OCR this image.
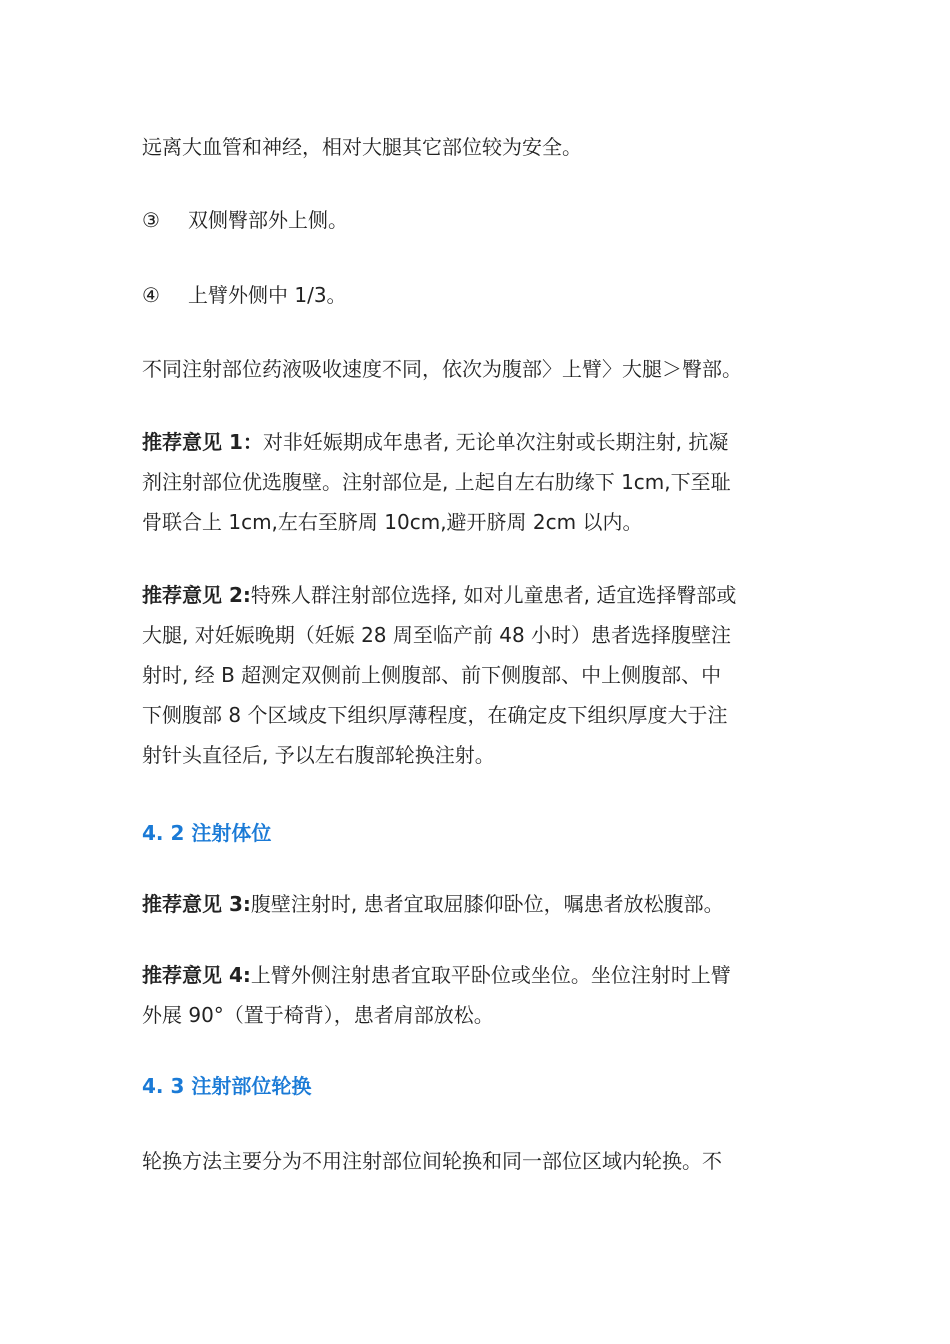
远离大血管和神经，相对大腿其它部位较为安全。

③ 双侧臀部外上侧。
④ 上臂外侧中 1/3。

不同注射部位药液吸收速度不同，依次为腹部〉上臂〉大腿＞臀部。

推荐意见 1：对非妊娠期成年患者, 无论单次注射或长期注射, 抗凝
剂注射部位优选腹壁。注射部位是, 上起自左右肋缘下 1cm,下至耻
骨联合上 1cm,左右至脐周 10cm,避开脐周 2cm 以内。

推荐意见 2:特殊人群注射部位选择, 如对儿童患者, 适宜选择臀部或
大腿, 对妊娠晚期（妊娠 28 周至临产前 48 小时）患者选择腹壁注
射时, 经 B 超测定双侧前上侧腹部、前下侧腹部、中上侧腹部、中
下侧腹部 8 个区域皮下组织厚薄程度，在确定皮下组织厚度大于注
射针头直径后, 予以左右腹部轮换注射。

4. 2 注射体位

推荐意见 3:腹壁注射时, 患者宜取屈膝仰卧位，嘱患者放松腹部。

推荐意见 4:上臂外侧注射患者宜取平卧位或坐位。坐位注射时上臂
外展 90°（置于椅背），患者肩部放松。

4. 3 注射部位轮换

轮换方法主要分为不用注射部位间轮换和同一部位区域内轮换。不
